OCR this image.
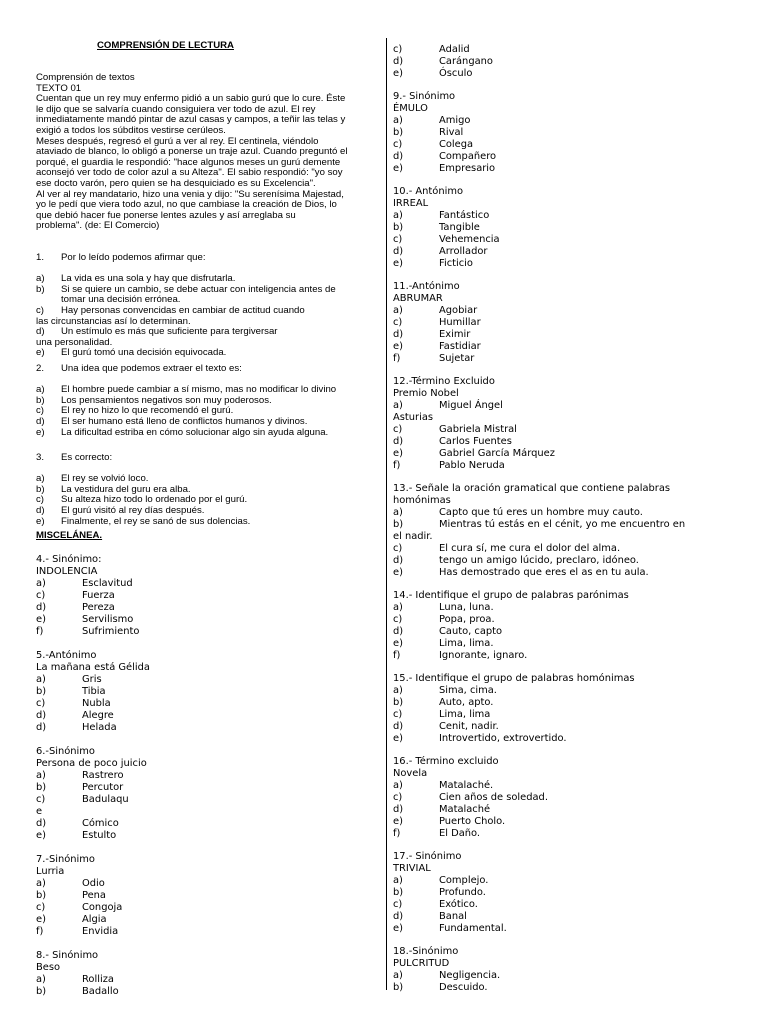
COMPRENSIÓN DE LECTURA
Comprensión de textos
TEXTO 01
Cuentan que un rey muy enfermo pidió a un sabio gurú que lo cure. Éste
le dijo que se salvaría cuando consiguiera ver todo de azul. El rey
inmediatamente mandó pintar de azul casas y campos, a teñir las telas y
exigió a todos los súbditos vestirse cerúleos.
Meses después, regresó el gurú a ver al rey. El centinela, viéndolo
ataviado de blanco, lo obligó a ponerse un traje azul. Cuando preguntó el
porqué, el guardia le respondió: "hace algunos meses un gurú demente
aconsejó ver todo de color azul a su Alteza". El sabio respondió: "yo soy
ese docto varón, pero quien se ha desquiciado es su Excelencia".
Al ver al rey mandatario, hizo una venia y dijo: "Su serenísima Majestad,
yo le pedí que viera todo azul, no que cambiase la creación de Dios, lo
que debió hacer fue ponerse lentes azules y así arreglaba su
problema". (de: El Comercio)
1.	Por lo leído podemos afirmar que:

a)	La vida es una sola y hay que disfrutarla.
b)	Si se quiere un cambio, se debe actuar con inteligencia antes de
tomar una decisión errónea.
c)	Hay personas convencidas en cambiar de actitud cuando
las circunstancias así lo determinan.
d)	Un estímulo es más que suficiente para tergiversar
una personalidad.
e)	El gurú tomó una decisión equivocada.
2.	Una idea que podemos extraer el texto es:

a)	El hombre puede cambiar a sí mismo, mas no modificar lo divino
b)	Los pensamientos negativos son muy poderosos.
c)	El rey no hizo lo que recomendó el gurú.
d)	El ser humano está lleno de conflictos humanos y divinos.
e)	La dificultad estriba en cómo solucionar algo sin ayuda alguna.
3.	Es correcto:

a)	El rey se volvió loco.
b)	La vestidura del guru era alba.
c)	Su alteza hizo todo lo ordenado por el gurú.
d)	El gurú visitó al rey días después.
e)	Finalmente, el rey se sanó de sus dolencias.
MISCELÁNEA.
4.- Sinónimo:
INDOLENCIA
a)	Esclavitud
c)	Fuerza
d)	Pereza
e)	Servilismo
f)	Sufrimiento
5.-Antónimo
La mañana está Gélida
a)	Gris
b)	Tibia
c)	Nubla
d)	Alegre
d)	Helada
6.-Sinónimo
Persona de poco juicio
a)	Rastrero
b)	Percutor
c)	Badulaqu
e
d)	Cómico
e)	Estulto
7.-Sinónimo
Lurria
a)	Odio
b)	Pena
c)	Congoja
e)	Algia
f)	Envidia
8.- Sinónimo
Beso
a)	Rolliza
b)	Badallo
c)	Adalid
d)	Carángano
e)	Ósculo
9.- Sinónimo
ÉMULO
a)	Amigo
b)	Rival
c)	Colega
d)	Compañero
e)	Empresario
10.- Antónimo
IRREAL
a)	Fantástico
b)	Tangible
c)	Vehemencia
d)	Arrollador
e)	Ficticio
11.-Antónimo
ABRUMAR
a)	Agobiar
c)	Humillar
d)	Eximir
e)	Fastidiar
f)	Sujetar
12.-Término Excluido
Premio Nobel
a)	Miguel Ángel
Asturias
c)	Gabriela Mistral
d)	Carlos Fuentes
e)	Gabriel García Márquez
f)	Pablo Neruda
13.- Señale la oración gramatical que contiene palabras
homónimas
a)	Capto que tú eres un hombre muy cauto.
b)	Mientras tú estás en el cénit, yo me encuentro en
el nadir.
c)	El cura sí, me cura el dolor del alma.
d)	tengo un amigo lúcido, preclaro, idóneo.
e)	Has demostrado que eres el as en tu aula.
14.- Identifique el grupo de palabras parónimas
a)	Luna, luna.
c)	Popa, proa.
d)	Cauto, capto
e)	Lima, lima.
f)	Ignorante, ignaro.
15.- Identifique el grupo de palabras homónimas
a)	Sima, cima.
b)	Auto, apto.
c)	Lima, lima
d)	Cenit, nadir.
e)	Introvertido, extrovertido.
16.- Término excluido
Novela
a)	Matalaché.
c)	Cien años de soledad.
d)	Matalaché
e)	Puerto Cholo.
f)	El Daño.
17.- Sinónimo
TRIVIAL
a)	Complejo.
b)	Profundo.
c)	Exótico.
d)	Banal
e)	Fundamental.
18.-Sinónimo
PULCRITUD
a)	Negligencia.
b)	Descuido.
